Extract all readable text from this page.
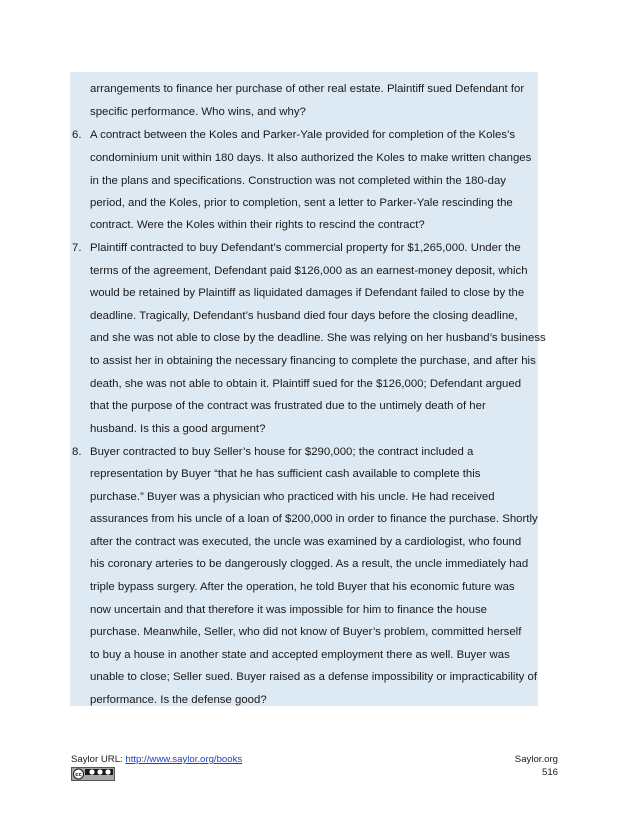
arrangements to finance her purchase of other real estate. Plaintiff sued Defendant for
specific performance. Who wins, and why?
6. A contract between the Koles and Parker-Yale provided for completion of the Koles’s
condominium unit within 180 days. It also authorized the Koles to make written changes
in the plans and specifications. Construction was not completed within the 180-day
period, and the Koles, prior to completion, sent a letter to Parker-Yale rescinding the
contract. Were the Koles within their rights to rescind the contract?
7. Plaintiff contracted to buy Defendant’s commercial property for $1,265,000. Under the
terms of the agreement, Defendant paid $126,000 as an earnest-money deposit, which
would be retained by Plaintiff as liquidated damages if Defendant failed to close by the
deadline. Tragically, Defendant’s husband died four days before the closing deadline,
and she was not able to close by the deadline. She was relying on her husband’s business
to assist her in obtaining the necessary financing to complete the purchase, and after his
death, she was not able to obtain it. Plaintiff sued for the $126,000; Defendant argued
that the purpose of the contract was frustrated due to the untimely death of her
husband. Is this a good argument?
8. Buyer contracted to buy Seller’s house for $290,000; the contract included a
representation by Buyer “that he has sufficient cash available to complete this
purchase.” Buyer was a physician who practiced with his uncle. He had received
assurances from his uncle of a loan of $200,000 in order to finance the purchase. Shortly
after the contract was executed, the uncle was examined by a cardiologist, who found
his coronary arteries to be dangerously clogged. As a result, the uncle immediately had
triple bypass surgery. After the operation, he told Buyer that his economic future was
now uncertain and that therefore it was impossible for him to finance the house
purchase. Meanwhile, Seller, who did not know of Buyer’s problem, committed herself
to buy a house in another state and accepted employment there as well. Buyer was
unable to close; Seller sued. Buyer raised as a defense impossibility or impracticability of
performance. Is the defense good?
Saylor URL: http://www.saylor.org/books
cc
Saylor.org
516
